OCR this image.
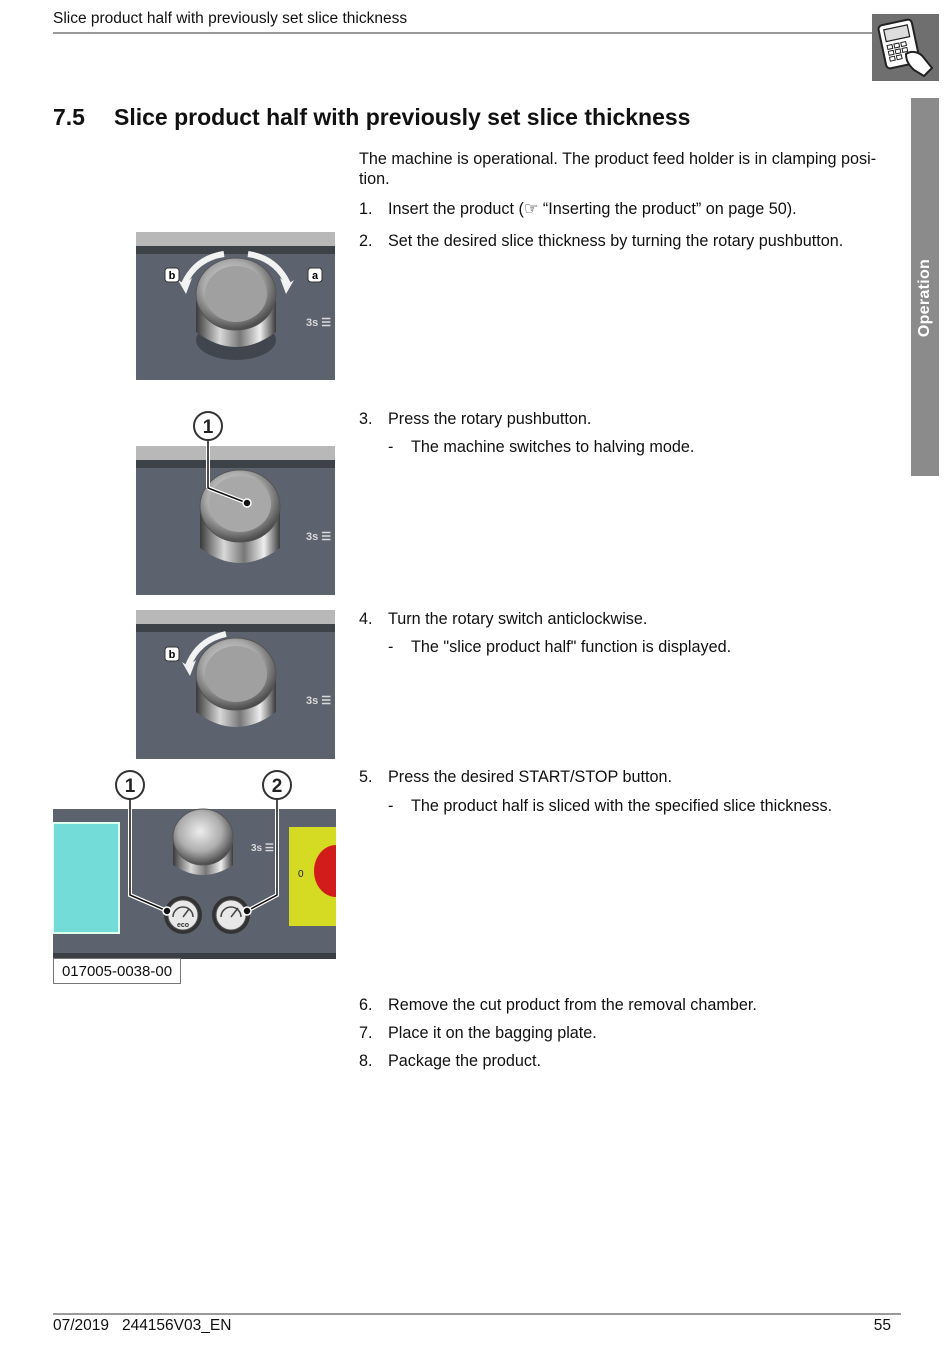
Slice product half with previously set slice thickness
Operation
7.5 Slice product half with previously set slice thickness
The machine is operational. The product feed holder is in clamping posi-
tion.
1. Insert the product (☞ “Inserting the product” on page 50).
2. Set the desired slice thickness by turning the rotary pushbutton.
3. Press the rotary pushbutton.
- The machine switches to halving mode.
4. Turn the rotary switch anticlockwise.
- The "slice product half" function is displayed.
5. Press the desired START/STOP button.
- The product half is sliced with the specified slice thickness.
6. Remove the cut product from the removal chamber.
7. Place it on the bagging plate.
8. Package the product.
b	a
3s ☰
1
3s ☰
b
3s ☰
3s ☰
0
eco
1	2
017005-0038-00
07/2019   244156V03_EN	55
